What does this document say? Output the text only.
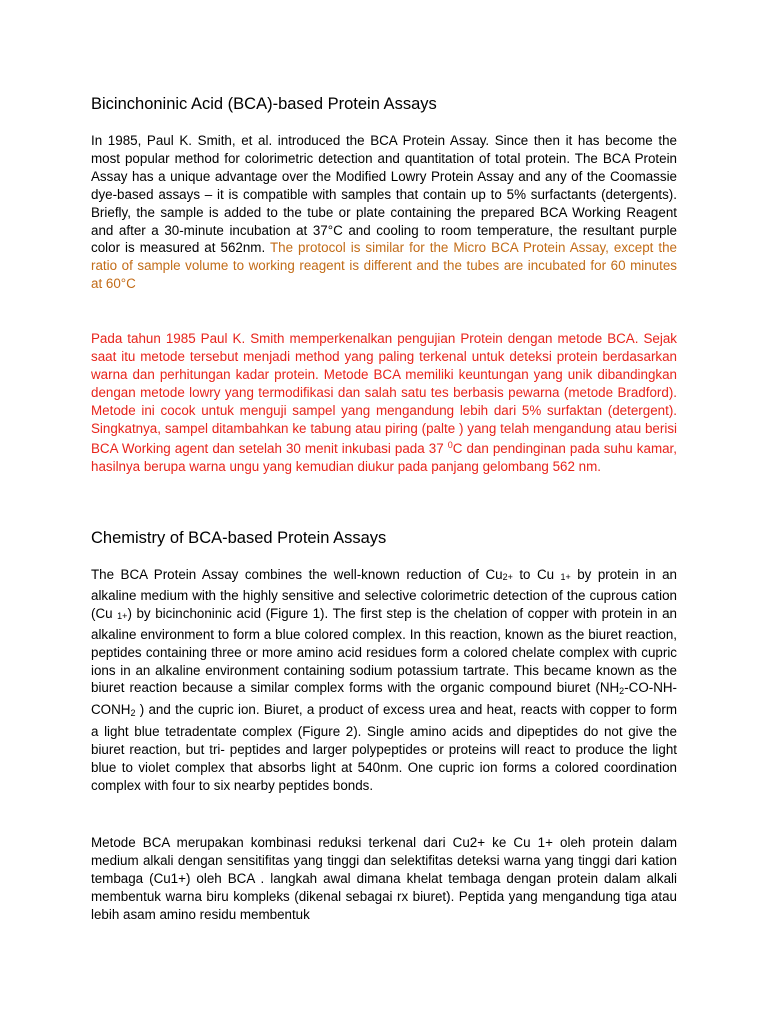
Bicinchoninic Acid (BCA)-based Protein Assays

In 1985, Paul K. Smith, et al. introduced the BCA Protein Assay. Since then it has become the most popular method for colorimetric detection and quantitation of total protein. The BCA Protein Assay has a unique advantage over the Modified Lowry Protein Assay and any of the Coomassie dye-based assays – it is compatible with samples that contain up to 5% surfactants (detergents). Briefly, the sample is added to the tube or plate containing the prepared BCA Working Reagent and after a 30-minute incubation at 37°C and cooling to room temperature, the resultant purple color is measured at 562nm. The protocol is similar for the Micro BCA Protein Assay, except the ratio of sample volume to working reagent is different and the tubes are incubated for 60 minutes at 60°C

Pada tahun 1985 Paul K. Smith memperkenalkan pengujian Protein dengan metode BCA. Sejak saat itu metode tersebut menjadi method yang paling terkenal untuk deteksi protein berdasarkan warna dan perhitungan kadar protein. Metode BCA memiliki keuntungan yang unik dibandingkan dengan metode lowry yang termodifikasi dan salah satu tes berbasis pewarna (metode Bradford). Metode ini cocok untuk menguji sampel yang mengandung lebih dari 5% surfaktan (detergent). Singkatnya, sampel ditambahkan ke tabung atau piring (palte ) yang telah mengandung atau berisi BCA Working agent dan setelah 30 menit inkubasi pada 37 $^0$C dan pendinginan pada suhu kamar, hasilnya berupa warna ungu yang kemudian diukur pada panjang gelombang 562 nm.

Chemistry of BCA-based Protein Assays

The BCA Protein Assay combines the well-known reduction of Cu2+ to Cu 1+ by protein in an alkaline medium with the highly sensitive and selective colorimetric detection of the cuprous cation (Cu 1+) by bicinchoninic acid (Figure 1). The first step is the chelation of copper with protein in an alkaline environment to form a blue colored complex. In this reaction, known as the biuret reaction, peptides containing three or more amino acid residues form a colored chelate complex with cupric ions in an alkaline environment containing sodium potassium tartrate. This became known as the biuret reaction because a similar complex forms with the organic compound biuret (NH2-CO-NH-CONH2 ) and the cupric ion. Biuret, a product of excess urea and heat, reacts with copper to form a light blue tetradentate complex (Figure 2). Single amino acids and dipeptides do not give the biuret reaction, but tri- peptides and larger polypeptides or proteins will react to produce the light blue to violet complex that absorbs light at 540nm. One cupric ion forms a colored coordination complex with four to six nearby peptides bonds.

Metode BCA merupakan kombinasi reduksi terkenal dari Cu2+ ke Cu 1+ oleh protein dalam medium alkali dengan sensitifitas yang tinggi dan selektifitas deteksi warna yang tinggi dari kation tembaga (Cu1+) oleh BCA . langkah awal dimana khelat tembaga dengan protein dalam alkali membentuk warna biru kompleks (dikenal sebagai rx biuret). Peptida yang mengandung tiga atau lebih asam amino residu membentuk
